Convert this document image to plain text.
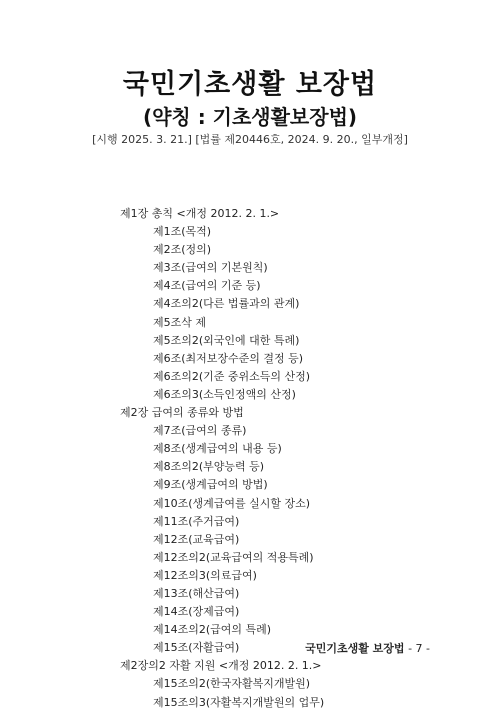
국민기초생활 보장법
(약칭 : 기초생활보장법)

[시행 2025. 3. 21.] [법률 제20446호, 2024. 9. 20., 일부개정]

제1장 총칙 <개정 2012. 2. 1.>
제1조(목적)
제2조(정의)
제3조(급여의 기본원칙)
제4조(급여의 기준 등)
제4조의2(다른 법률과의 관계)
제5조삭 제
제5조의2(외국인에 대한 특례)
제6조(최저보장수준의 결정 등)
제6조의2(기준 중위소득의 산정)
제6조의3(소득인정액의 산정)
제2장 급여의 종류와 방법
제7조(급여의 종류)
제8조(생계급여의 내용 등)
제8조의2(부양능력 등)
제9조(생계급여의 방법)
제10조(생계급여를 실시할 장소)
제11조(주거급여)
제12조(교육급여)
제12조의2(교육급여의 적용특례)
제12조의3(의료급여)
제13조(해산급여)
제14조(장제급여)
제14조의2(급여의 특례)
제15조(자활급여)
제2장의2 자활 지원 <개정 2012. 2. 1.>
제15조의2(한국자활복지개발원)
제15조의3(자활복지개발원의 업무)
국민기초생활 보장법 - 7 -
